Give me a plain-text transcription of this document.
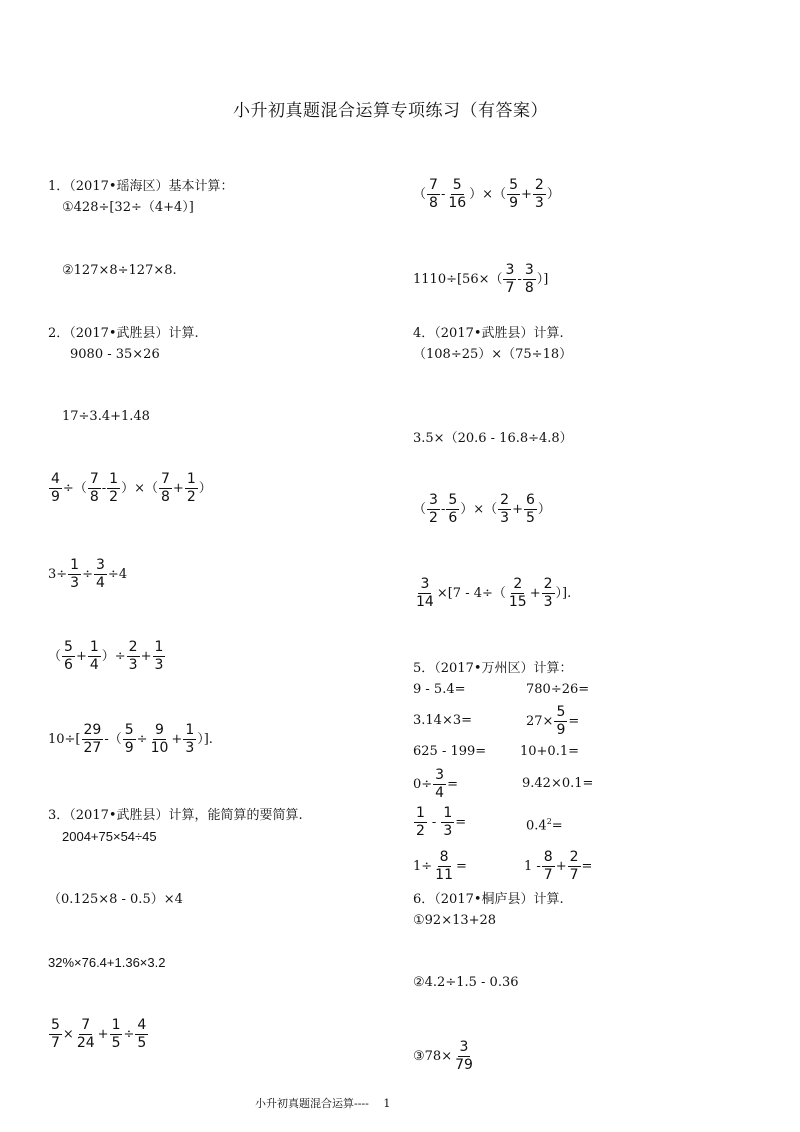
小升初真题混合运算专项练习（有答案）
1．（2017•瑶海区）基本计算：
①428÷[32÷（4+4）]
②127×8÷127×8.
2．（2017•武胜县）计算.
9080 - 35×26
17÷3.4+1.48
$\frac{4}{9}$ ÷（ $\frac{7}{8} - \frac{1}{2}$ ）×（ $\frac{7}{8} + \frac{1}{2}$ ）
$3\div \frac{1}{3} \div \frac{3}{4} \div 4$
（ $\frac{5}{6} + \frac{1}{4}$ ）÷ $\frac{2}{3} + \frac{1}{3}$
$10\div[ \frac{29}{27}$ -（ $\frac{5}{9} \div \frac{9}{10} + \frac{1}{3}$ ）].
3．（2017•武胜县）计算，能简算的要简算.
2004+75×54÷45
（0.125×8 - 0.5）×4
32%×76.4+1.36×3.2
$\frac{5}{7} \times \frac{7}{24} + \frac{1}{5} \div \frac{4}{5}$
（ $\frac{7}{8} - \frac{5}{16}$ ）×（ $\frac{5}{9} + \frac{2}{3}$ ）
$1110\div[56\times( \frac{3}{7} - \frac{3}{8}$ ）]
4．（2017•武胜县）计算.
（108÷25）×（75÷18）
3.5×（20.6 - 16.8÷4.8）
（ $\frac{3}{2} - \frac{5}{6}$ ）×（ $\frac{2}{3} + \frac{6}{5}$ ）
$\frac{3}{14} \times[7 - 4\div( \frac{2}{15} + \frac{2}{3}$ ）].
5．（2017•万州区）计算：
9 - 5.4=	780÷26=
3.14×3=	$27\times \frac{5}{9}$ =
625 - 199=	10+0.1=
$0\div \frac{3}{4}$ =	9.42×0.1=
$\frac{1}{2} - \frac{1}{3}$ =	$0.4^2=$
$1\div \frac{8}{11}$ =	$1 - \frac{8}{7} + \frac{2}{7}$ =
6．（2017•桐庐县）计算.
①92×13+28
②4.2÷1.5 - 0.36
③78× $\frac{3}{79}$
小升初真题混合运算----　 1
